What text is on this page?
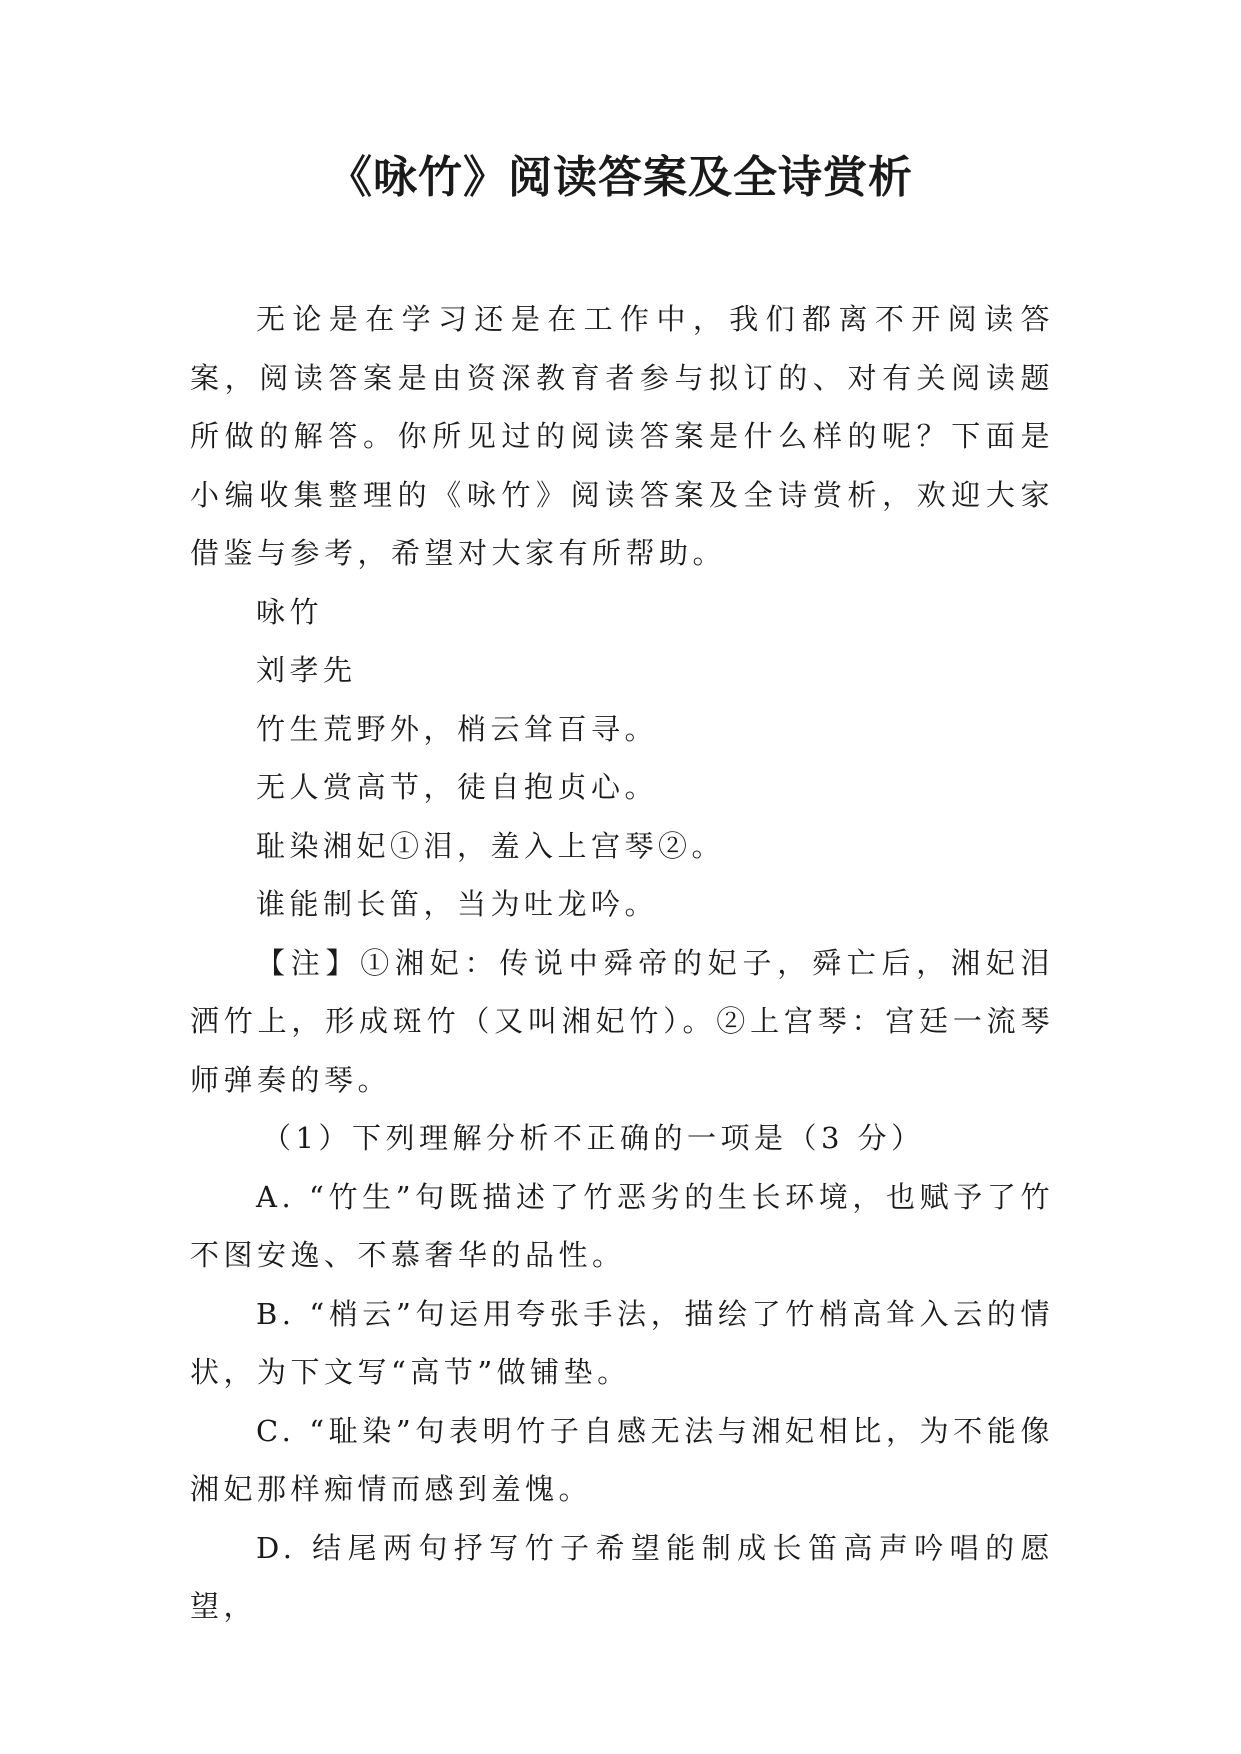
《咏竹》阅读答案及全诗赏析

无论是在学习还是在工作中，我们都离不开阅读答案，阅读答案是由资深教育者参与拟订的、对有关阅读题所做的解答。你所见过的阅读答案是什么样的呢？下面是小编收集整理的《咏竹》阅读答案及全诗赏析，欢迎大家借鉴与参考，希望对大家有所帮助。

咏竹

刘孝先

竹生荒野外，梢云耸百寻。

无人赏高节，徒自抱贞心。

耻染湘妃①泪，羞入上宫琴②。

谁能制长笛，当为吐龙吟。

【注】①湘妃：传说中舜帝的妃子，舜亡后，湘妃泪洒竹上，形成斑竹（又叫湘妃竹）。②上宫琴：宫廷一流琴师弹奏的琴。

（1）下列理解分析不正确的一项是（3 分）

A. “竹生”句既描述了竹恶劣的生长环境，也赋予了竹不图安逸、不慕奢华的品性。

B. “梢云”句运用夸张手法，描绘了竹梢高耸入云的情状，为下文写“高节”做铺垫。

C. “耻染”句表明竹子自感无法与湘妃相比，为不能像湘妃那样痴情而感到羞愧。

D. 结尾两句抒写竹子希望能制成长笛高声吟唱的愿望，
